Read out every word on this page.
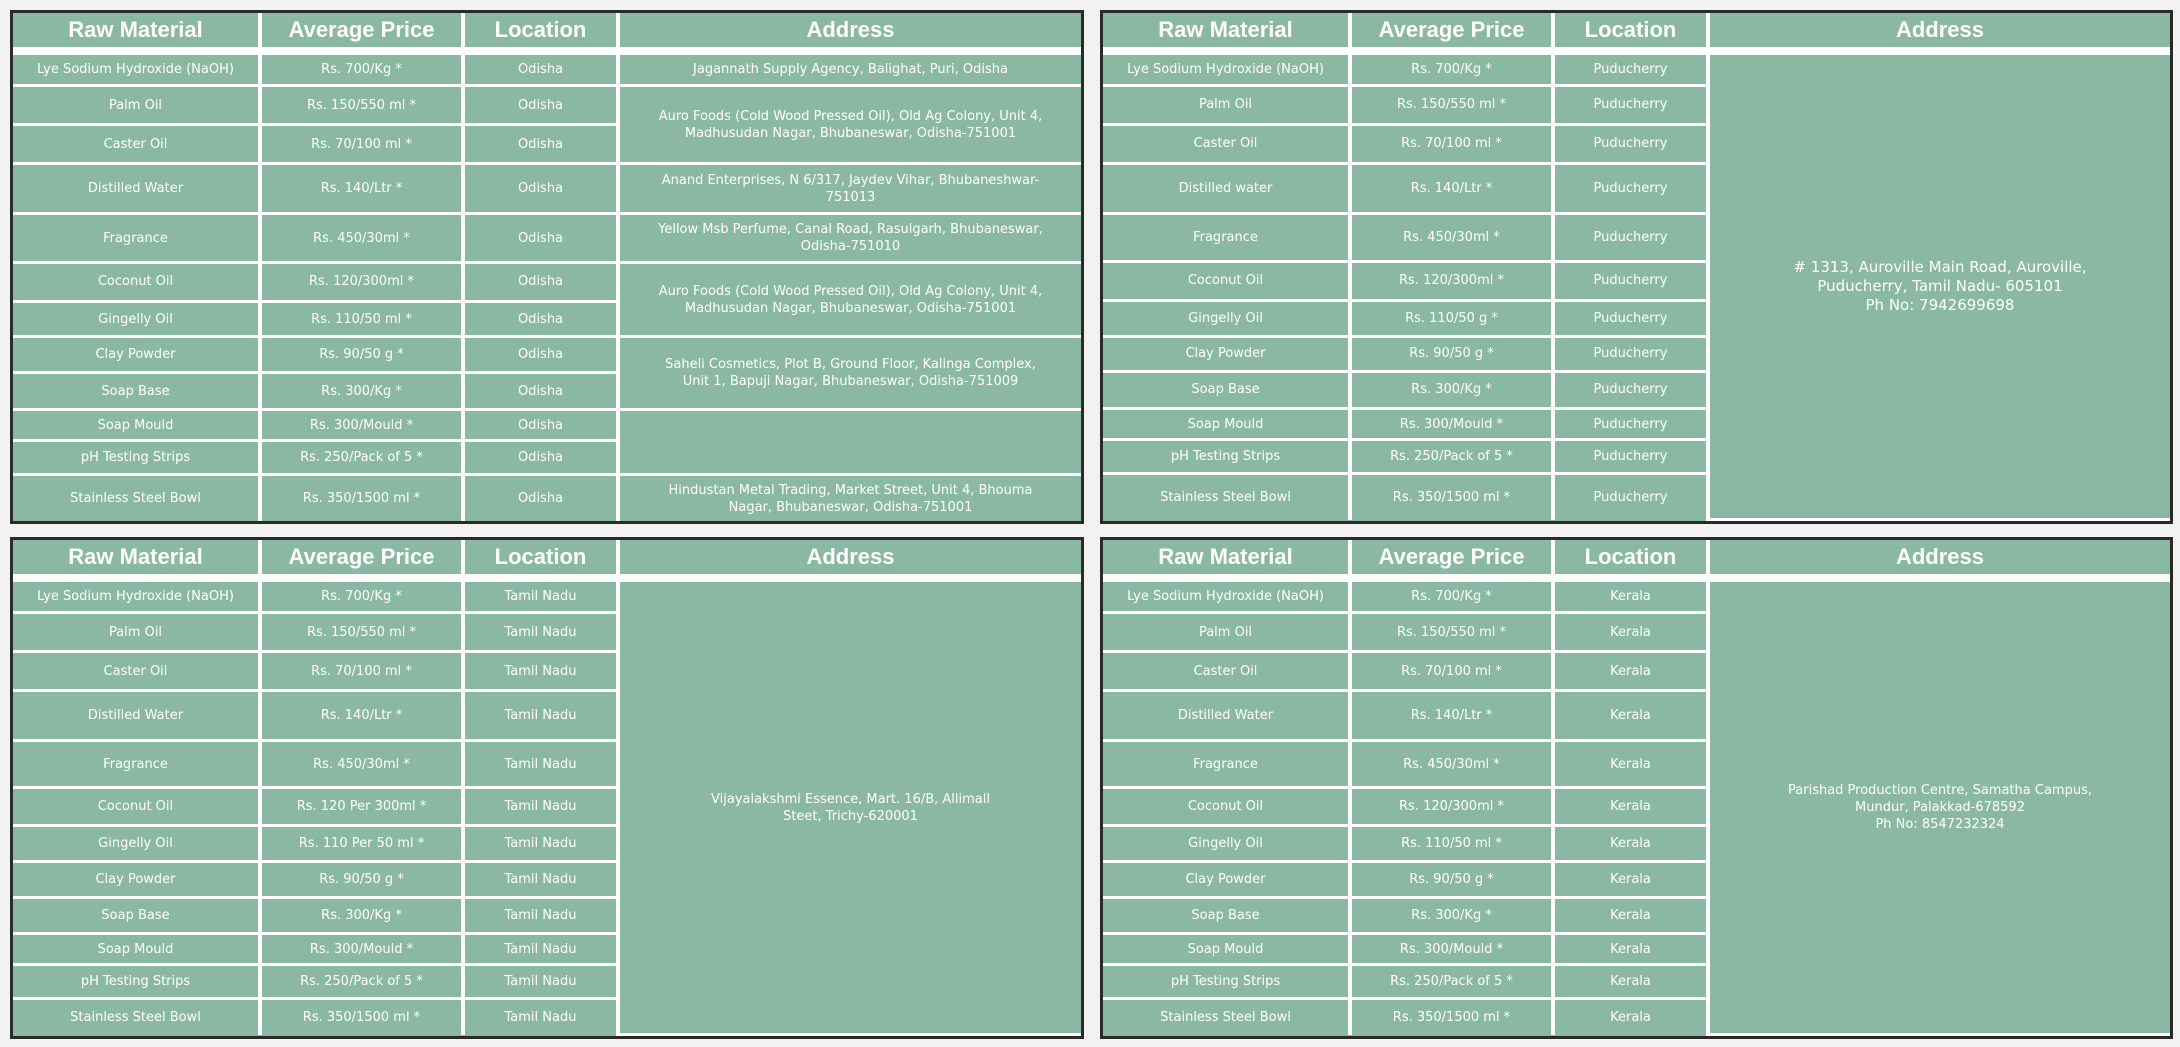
Raw Material	Average Price	Location	Address
Lye Sodium Hydroxide (NaOH)	Rs. 700/Kg *	Odisha	Jagannath Supply Agency, Balighat, Puri, Odisha
Palm Oil	Rs. 150/550 ml *	Odisha	Auro Foods (Cold Wood Pressed Oil), Old Ag Colony, Unit 4, Madhusudan Nagar, Bhubaneswar, Odisha-751001
Caster Oil	Rs. 70/100 ml *	Odisha	
Distilled Water	Rs. 140/Ltr *	Odisha	Anand Enterprises, N 6/317, Jaydev Vihar, Bhubaneshwar-751013
Fragrance	Rs. 450/30ml *	Odisha	Yellow Msb Perfume, Canal Road, Rasulgarh, Bhubaneswar, Odisha-751010
Coconut Oil	Rs. 120/300ml *	Odisha	Auro Foods (Cold Wood Pressed Oil), Old Ag Colony, Unit 4, Madhusudan Nagar, Bhubaneswar, Odisha-751001
Gingelly Oil	Rs. 110/50 ml *	Odisha	
Clay Powder	Rs. 90/50 g *	Odisha	Saheli Cosmetics, Plot B, Ground Floor, Kalinga Complex, Unit 1, Bapuji Nagar, Bhubaneswar, Odisha-751009
Soap Base	Rs. 300/Kg *	Odisha	
Soap Mould	Rs. 300/Mould *	Odisha	
pH Testing Strips	Rs. 250/Pack of 5 *	Odisha	
Stainless Steel Bowl	Rs. 350/1500 ml *	Odisha	Hindustan Metal Trading, Market Street, Unit 4, Bhouma Nagar, Bhubaneswar, Odisha-751001
Raw Material	Average Price	Location	Address
Lye Sodium Hydroxide (NaOH)	Rs. 700/Kg *	Puducherry	# 1313, Auroville Main Road, Auroville,
Puducherry, Tamil Nadu- 605101
Ph No: 7942699698

Palm Oil	Rs. 150/550 ml *	Puducherry	
Caster Oil	Rs. 70/100 ml *	Puducherry	
Distilled water	Rs. 140/Ltr *	Puducherry	
Fragrance	Rs. 450/30ml *	Puducherry	
Coconut Oil	Rs. 120/300ml *	Puducherry	
Gingelly Oil	Rs. 110/50 g *	Puducherry	
Clay Powder	Rs. 90/50 g *	Puducherry	
Soap Base	Rs. 300/Kg *	Puducherry	
Soap Mould	Rs. 300/Mould *	Puducherry	
pH Testing Strips	Rs. 250/Pack of 5 *	Puducherry	
Stainless Steel Bowl	Rs. 350/1500 ml *	Puducherry	
Raw Material	Average Price	Location	Address
Lye Sodium Hydroxide (NaOH)	Rs. 700/Kg *	Tamil Nadu	Vijayalakshmi Essence, Mart. 16/B, Allimall
Steet, Trichy-620001

Palm Oil	Rs. 150/550 ml *	Tamil Nadu	
Caster Oil	Rs. 70/100 ml *	Tamil Nadu	
Distilled Water	Rs. 140/Ltr *	Tamil Nadu	
Fragrance	Rs. 450/30ml *	Tamil Nadu	
Coconut Oil	Rs. 120 Per 300ml *	Tamil Nadu	
Gingelly Oil	Rs. 110 Per 50 ml *	Tamil Nadu	
Clay Powder	Rs. 90/50 g *	Tamil Nadu	
Soap Base	Rs. 300/Kg *	Tamil Nadu	
Soap Mould	Rs. 300/Mould *	Tamil Nadu	
pH Testing Strips	Rs. 250/Pack of 5 *	Tamil Nadu	
Stainless Steel Bowl	Rs. 350/1500 ml *	Tamil Nadu	
Raw Material	Average Price	Location	Address
Lye Sodium Hydroxide (NaOH)	Rs. 700/Kg *	Kerala	Parishad Production Centre, Samatha Campus,
Mundur, Palakkad-678592
Ph No: 8547232324

Palm Oil	Rs. 150/550 ml *	Kerala	
Caster Oil	Rs. 70/100 ml *	Kerala	
Distilled Water	Rs. 140/Ltr *	Kerala	
Fragrance	Rs. 450/30ml *	Kerala	
Coconut Oil	Rs. 120/300ml *	Kerala	
Gingelly Oil	Rs. 110/50 ml *	Kerala	
Clay Powder	Rs. 90/50 g *	Kerala	
Soap Base	Rs. 300/Kg *	Kerala	
Soap Mould	Rs. 300/Mould *	Kerala	
pH Testing Strips	Rs. 250/Pack of 5 *	Kerala	
Stainless Steel Bowl	Rs. 350/1500 ml *	Kerala	
